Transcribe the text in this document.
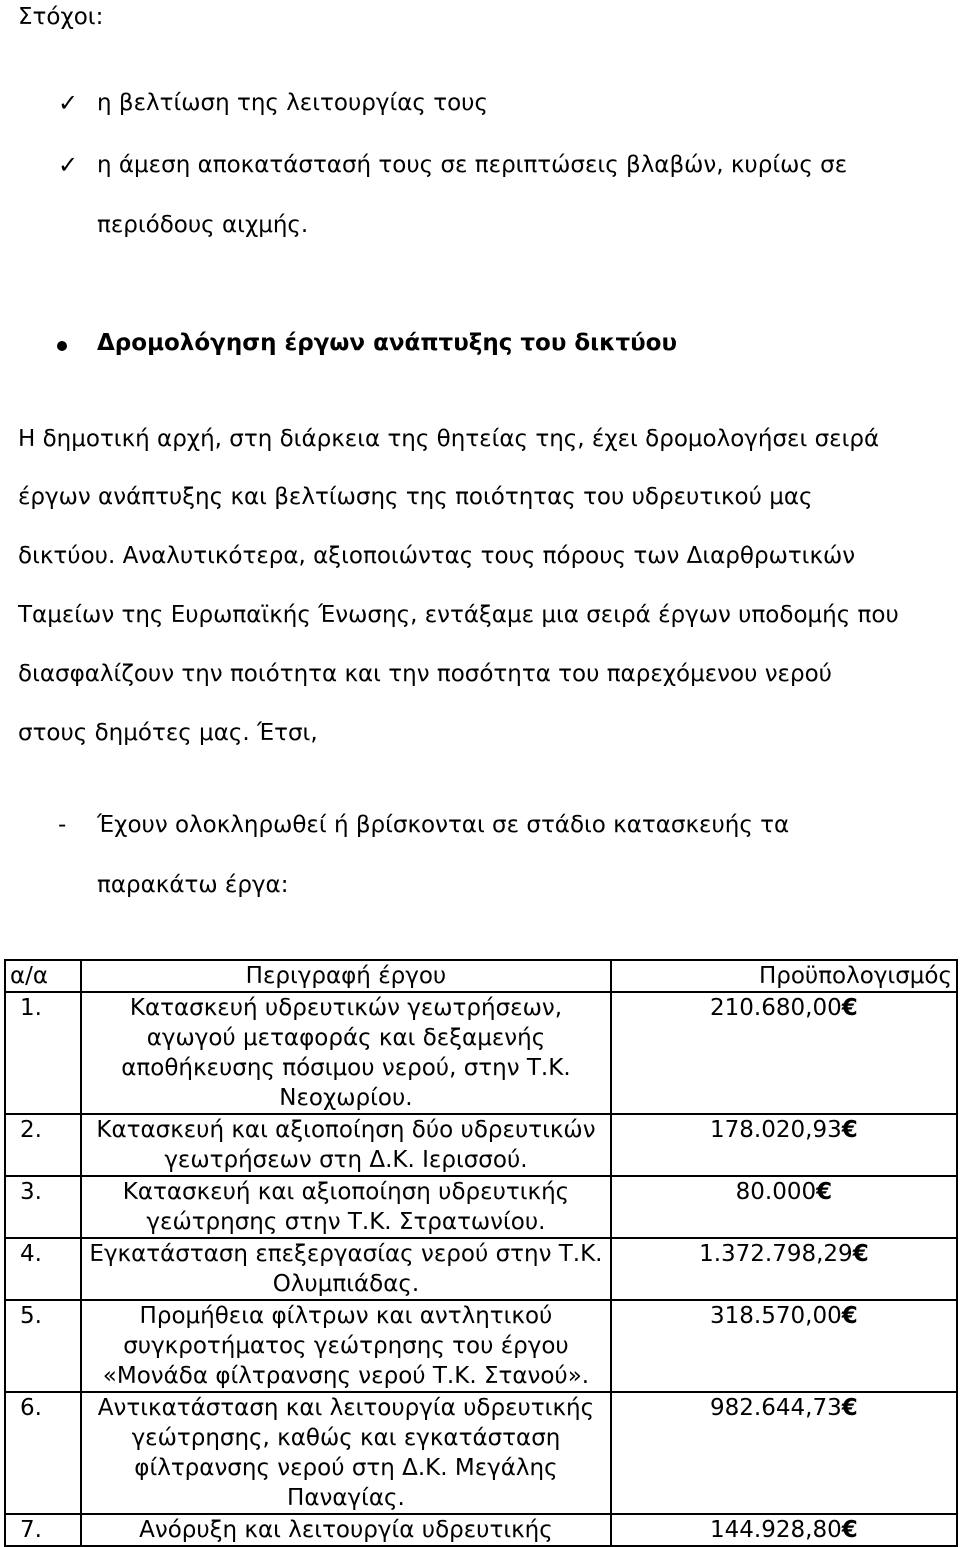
Στόχοι:
✓ η βελτίωση της λειτουργίας τους
✓ η άμεση αποκατάστασή τους σε περιπτώσεις βλαβών, κυρίως σε
περιόδους αιχμής.
Δρομολόγηση έργων ανάπτυξης του δικτύου
Η δημοτική αρχή, στη διάρκεια της θητείας της, έχει δρομολογήσει σειρά
έργων ανάπτυξης και βελτίωσης της ποιότητας του υδρευτικού μας
δικτύου. Αναλυτικότερα, αξιοποιώντας τους πόρους των Διαρθρωτικών
Ταμείων της Ευρωπαϊκής Ένωσης, εντάξαμε μια σειρά έργων υποδομής που
διασφαλίζουν την ποιότητα και την ποσότητα του παρεχόμενου νερού
στους δημότες μας. Έτσι,
- Έχουν ολοκληρωθεί ή βρίσκονται σε στάδιο κατασκευής τα
παρακάτω έργα:
α/α	Περιγραφή έργου	Προϋπολογισμός
1.	Κατασκευή υδρευτικών γεωτρήσεων, αγωγού μεταφοράς και δεξαμενής αποθήκευσης πόσιμου νερού, στην Τ.Κ. Νεοχωρίου.	210.680,00€
2.	Κατασκευή και αξιοποίηση δύο υδρευτικών γεωτρήσεων στη Δ.Κ. Ιερισσού.	178.020,93€
3.	Κατασκευή και αξιοποίηση υδρευτικής γεώτρησης στην Τ.Κ. Στρατωνίου.	80.000€
4.	Εγκατάσταση επεξεργασίας νερού στην Τ.Κ. Ολυμπιάδας.	1.372.798,29€
5.	Προμήθεια φίλτρων και αντλητικού συγκροτήματος γεώτρησης του έργου «Μονάδα φίλτρανσης νερού Τ.Κ. Στανού».	318.570,00€
6.	Αντικατάσταση και λειτουργία υδρευτικής γεώτρησης, καθώς και εγκατάσταση φίλτρανσης νερού στη Δ.Κ. Μεγάλης Παναγίας.	982.644,73€
7.	Ανόρυξη και λειτουργία υδρευτικής	144.928,80€
